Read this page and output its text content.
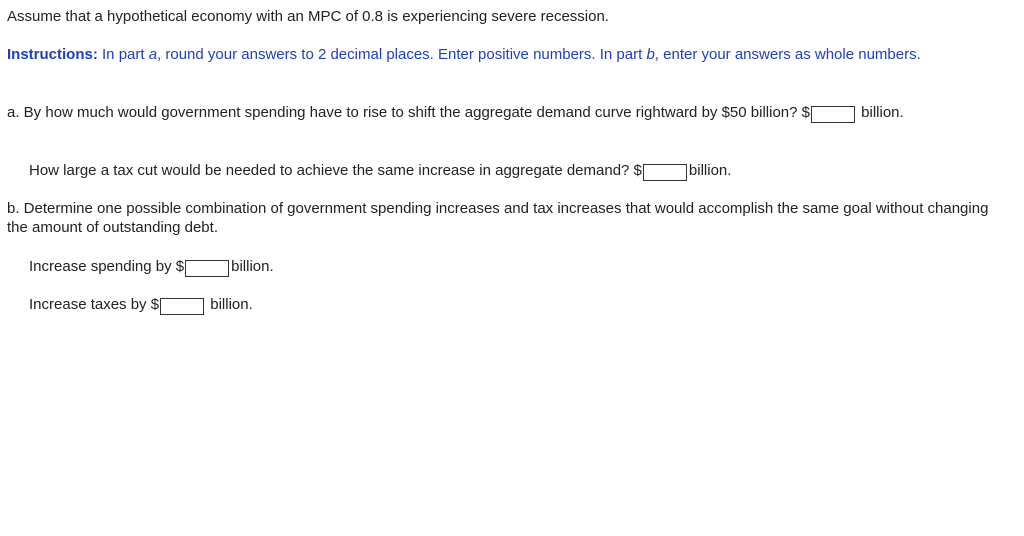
Assume that a hypothetical economy with an MPC of 0.8 is experiencing severe recession.

Instructions: In part a, round your answers to 2 decimal places. Enter positive numbers. In part b, enter your answers as whole numbers.

a. By how much would government spending have to rise to shift the aggregate demand curve rightward by $50 billion? $	billion.

How large a tax cut would be needed to achieve the same increase in aggregate demand? $	billion.

b. Determine one possible combination of government spending increases and tax increases that would accomplish the same goal without changing the amount of outstanding debt.

Increase spending by $	billion.

Increase taxes by $	billion.
